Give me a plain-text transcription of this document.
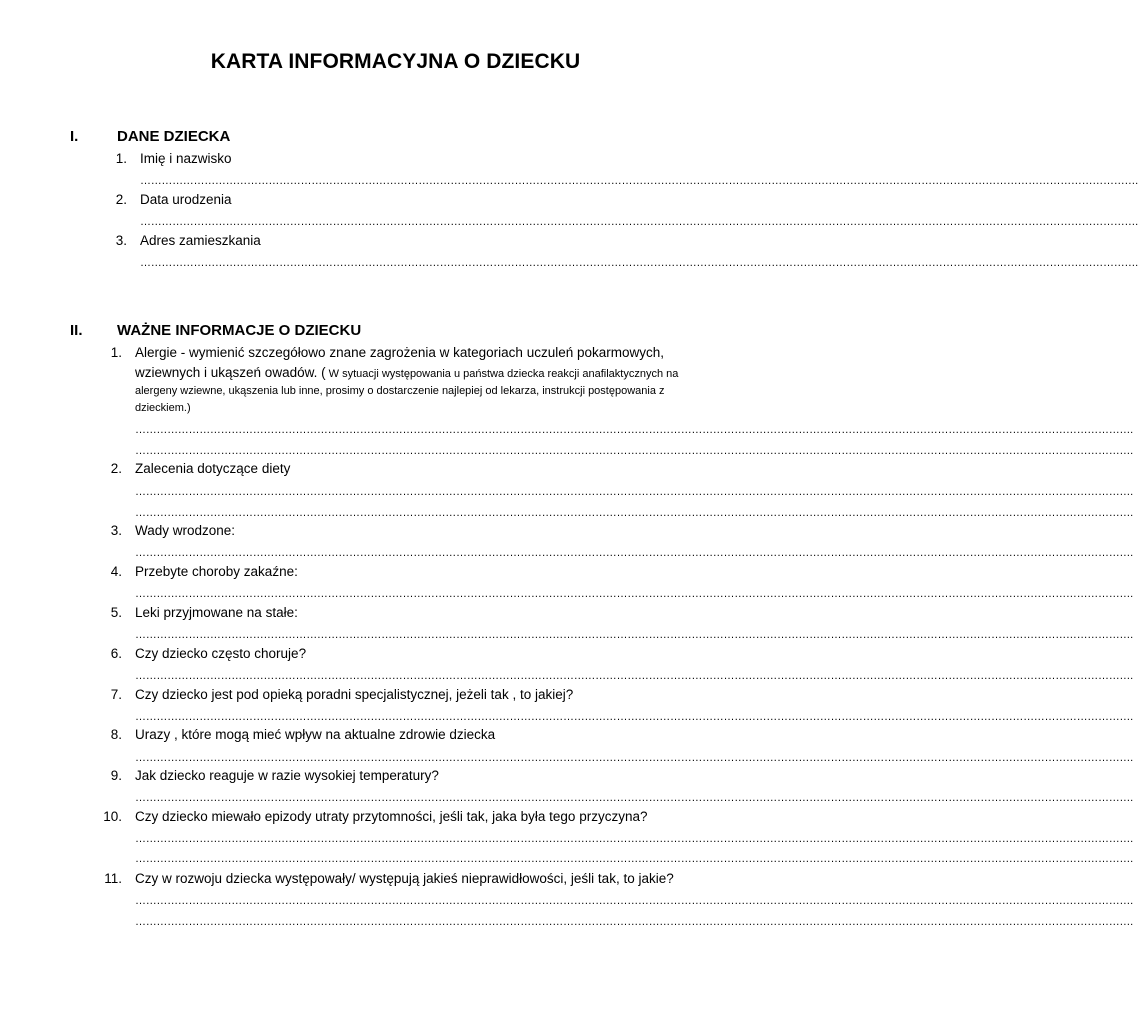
KARTA INFORMACYJNA O DZIECKU
I.	DANE DZIECKA
1. Imię i nazwisko
……………………………………………………………………………………………………………………………………………………………………………………………………………………………………………………….
2. Data urodzenia
……………………………………………………………………………………………………………………………………………………………………………………………………………………………………………………….
3. Adres zamieszkania
……………………………………………………………………………………………………………………………………………………………………………………………………………………………………………………….
II. WAŻNE INFORMACJE O DZIECKU
1. Alergie - wymienić szczegółowo znane zagrożenia w kategoriach uczuleń pokarmowych,
wziewnych i ukąszeń owadów. ( W sytuacji występowania u państwa dziecka reakcji anafilaktycznych na
alergeny wziewne, ukąszenia lub inne, prosimy o dostarczenie najlepiej od lekarza, instrukcji postępowania z
dzieckiem.)
……………………………………………………………………………………………………………………………………………………………………………………………………………………………………………………….
……………………………………………………………………………………………………………………………………………………………………………………………………………………………………………………….
2. Zalecenia dotyczące diety
……………………………………………………………………………………………………………………………………………………………………………………………………………………………………………………….
……………………………………………………………………………………………………………………………………………………………………………………………………………………………………………………….
3. Wady wrodzone:
……………………………………………………………………………………………………………………………………………………………………………………………………………………………………………………….
4. Przebyte choroby zakaźne:
……………………………………………………………………………………………………………………………………………………………………………………………………………………………………………………….
5. Leki przyjmowane na stałe:
……………………………………………………………………………………………………………………………………………………………………………………………………………………………………………………….
6. Czy dziecko często choruje?
……………………………………………………………………………………………………………………………………………………………………………………………………………………………………………………….
7. Czy dziecko jest pod opieką poradni specjalistycznej, jeżeli tak , to jakiej?
……………………………………………………………………………………………………………………………………………………………………………………………………………………………………………………….
8. Urazy , które mogą mieć wpływ na aktualne zdrowie dziecka
……………………………………………………………………………………………………………………………………………………………………………………………………………………………………………………….
9. Jak dziecko reaguje w razie wysokiej temperatury?
……………………………………………………………………………………………………………………………………………………………………………………………………………………………………………………….
10. Czy dziecko miewało epizody utraty przytomności, jeśli tak, jaka była tego przyczyna?
……………………………………………………………………………………………………………………………………………………………………………………………………………………………………………………….
……………………………………………………………………………………………………………………………………………………………………………………………………………………………………………………….
11. Czy w rozwoju dziecka występowały/ występują jakieś nieprawidłowości, jeśli tak, to jakie?
……………………………………………………………………………………………………………………………………………………………………………………………………………………………………………………….
……………………………………………………………………………………………………………………………………………………………………………………………………………………………………………………….
